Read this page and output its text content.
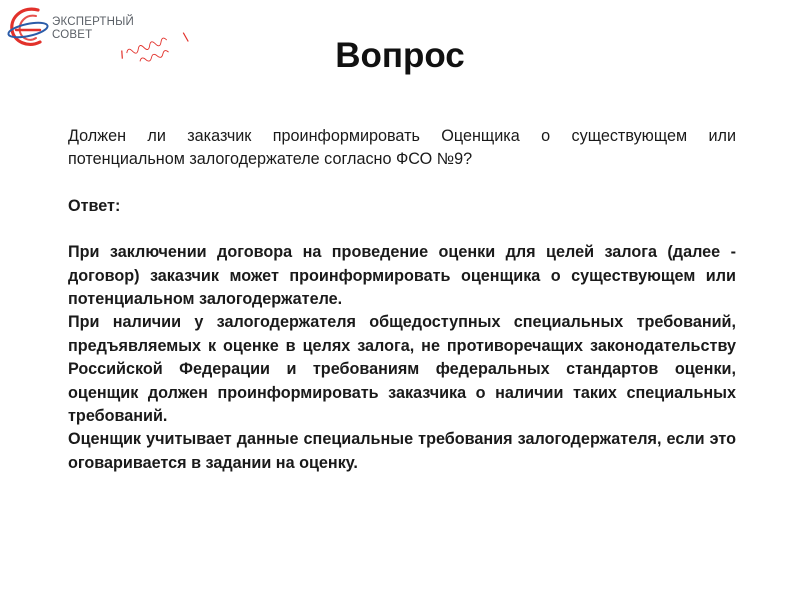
ЭКСПЕРТНЫЙ
СОВЕТ
Вопрос

Должен ли заказчик проинформировать Оценщика о существующем или потенциальном залогодержателе согласно ФСО №9?

Ответ:

При заключении договора на проведение оценки для целей залога (далее - договор) заказчик может проинформировать оценщика о существующем или потенциальном залогодержателе.

При наличии у залогодержателя общедоступных специальных требований, предъявляемых к оценке в целях залога, не противоречащих законодательству Российской Федерации и требованиям федеральных стандартов оценки, оценщик должен проинформировать заказчика о наличии таких специальных требований.

Оценщик учитывает данные специальные требования залогодержателя, если это оговаривается в задании на оценку.
